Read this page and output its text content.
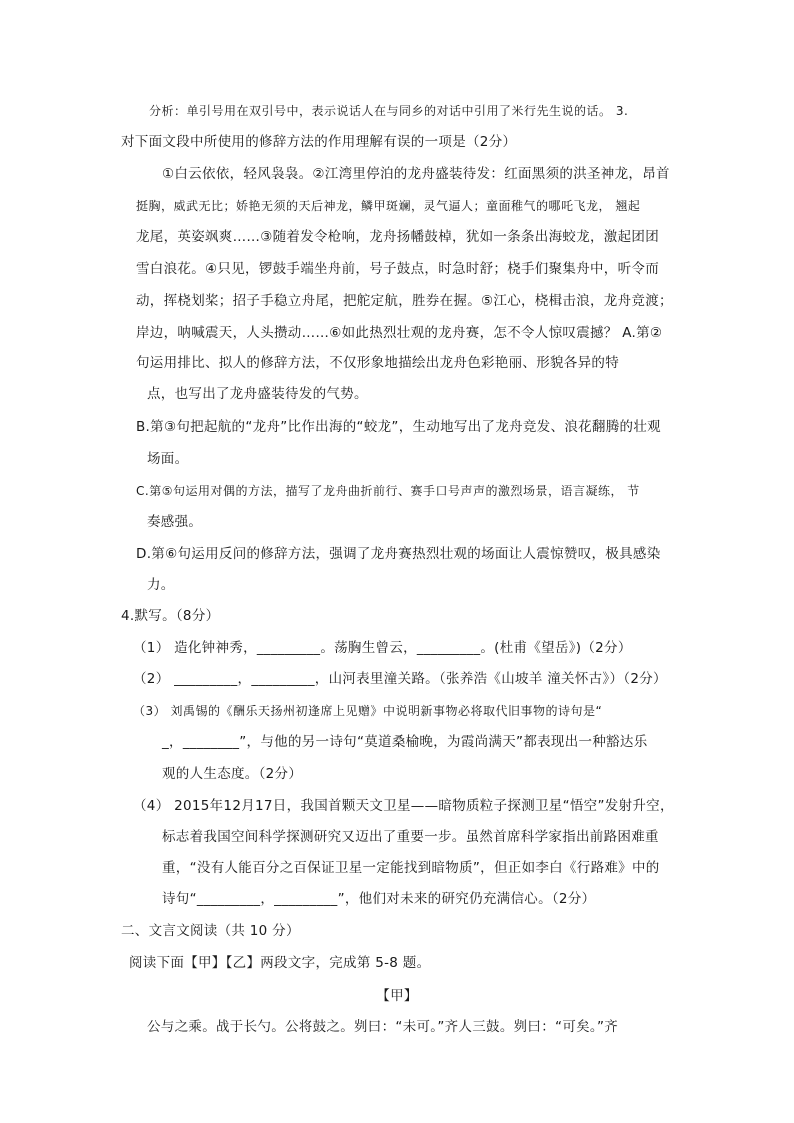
分析：单引号用在双引号中，表示说话人在与同乡的对话中引用了米行先生说的话。 3.
对下面文段中所使用的修辞方法的作用理解有误的一项是（2分）
①白云依依，轻风袅袅。②江湾里停泊的龙舟盛装待发：红面黑须的洪圣神龙，昂首
挺胸，威武无比；娇艳无须的天后神龙，鳞甲斑斓，灵气逼人；童面稚气的哪吒飞龙， 翘起
龙尾，英姿飒爽……③随着发令枪响，龙舟扬幡鼓棹，犹如一条条出海蛟龙，激起团团
雪白浪花。④只见，锣鼓手端坐舟前，号子鼓点，时急时舒；桡手们聚集舟中，听令而
动，挥桡划桨；招子手稳立舟尾，把舵定航，胜券在握。⑤江心，桡楫击浪，龙舟竞渡；
岸边，呐喊震天，人头攒动……⑥如此热烈壮观的龙舟赛，怎不令人惊叹震撼？ A.第②
句运用排比、拟人的修辞方法，不仅形象地描绘出龙舟色彩艳丽、形貌各异的特
点，也写出了龙舟盛装待发的气势。
B.第③句把起航的“龙舟”比作出海的“蛟龙”，生动地写出了龙舟竞发、浪花翻腾的壮观
场面。
C.第⑤句运用对偶的方法，描写了龙舟曲折前行、赛手口号声声的激烈场景，语言凝练， 节
奏感强。
D.第⑥句运用反问的修辞方法，强调了龙舟赛热烈壮观的场面让人震惊赞叹，极具感染
力。
4.默写。（8分）
（1） 造化钟神秀，_________。荡胸生曾云，_________。(杜甫《望岳》)（2分）
（2） _________，_________，山河表里潼关路。（张养浩《山坡羊 潼关怀古》）（2分）
（3） 刘禹锡的《酬乐天扬州初逢席上见赠》中说明新事物必将取代旧事物的诗句是“
_，________”，与他的另一诗句“莫道桑榆晚，为霞尚满天”都表现出一种豁达乐
观的人生态度。（2分）
（4） 2015年12月17日，我国首颗天文卫星——暗物质粒子探测卫星“悟空”发射升空，
标志着我国空间科学探测研究又迈出了重要一步。虽然首席科学家指出前路困难重
重，“没有人能百分之百保证卫星一定能找到暗物质”，但正如李白《行路难》中的
诗句“_________，_________”，他们对未来的研究仍充满信心。（2分）
二、文言文阅读（共 10 分）
阅读下面【甲】【乙】两段文字，完成第 5-8 题。
【甲】
公与之乘。战于长勺。公将鼓之。刿曰：“未可。”齐人三鼓。刿曰：“可矣。”齐
